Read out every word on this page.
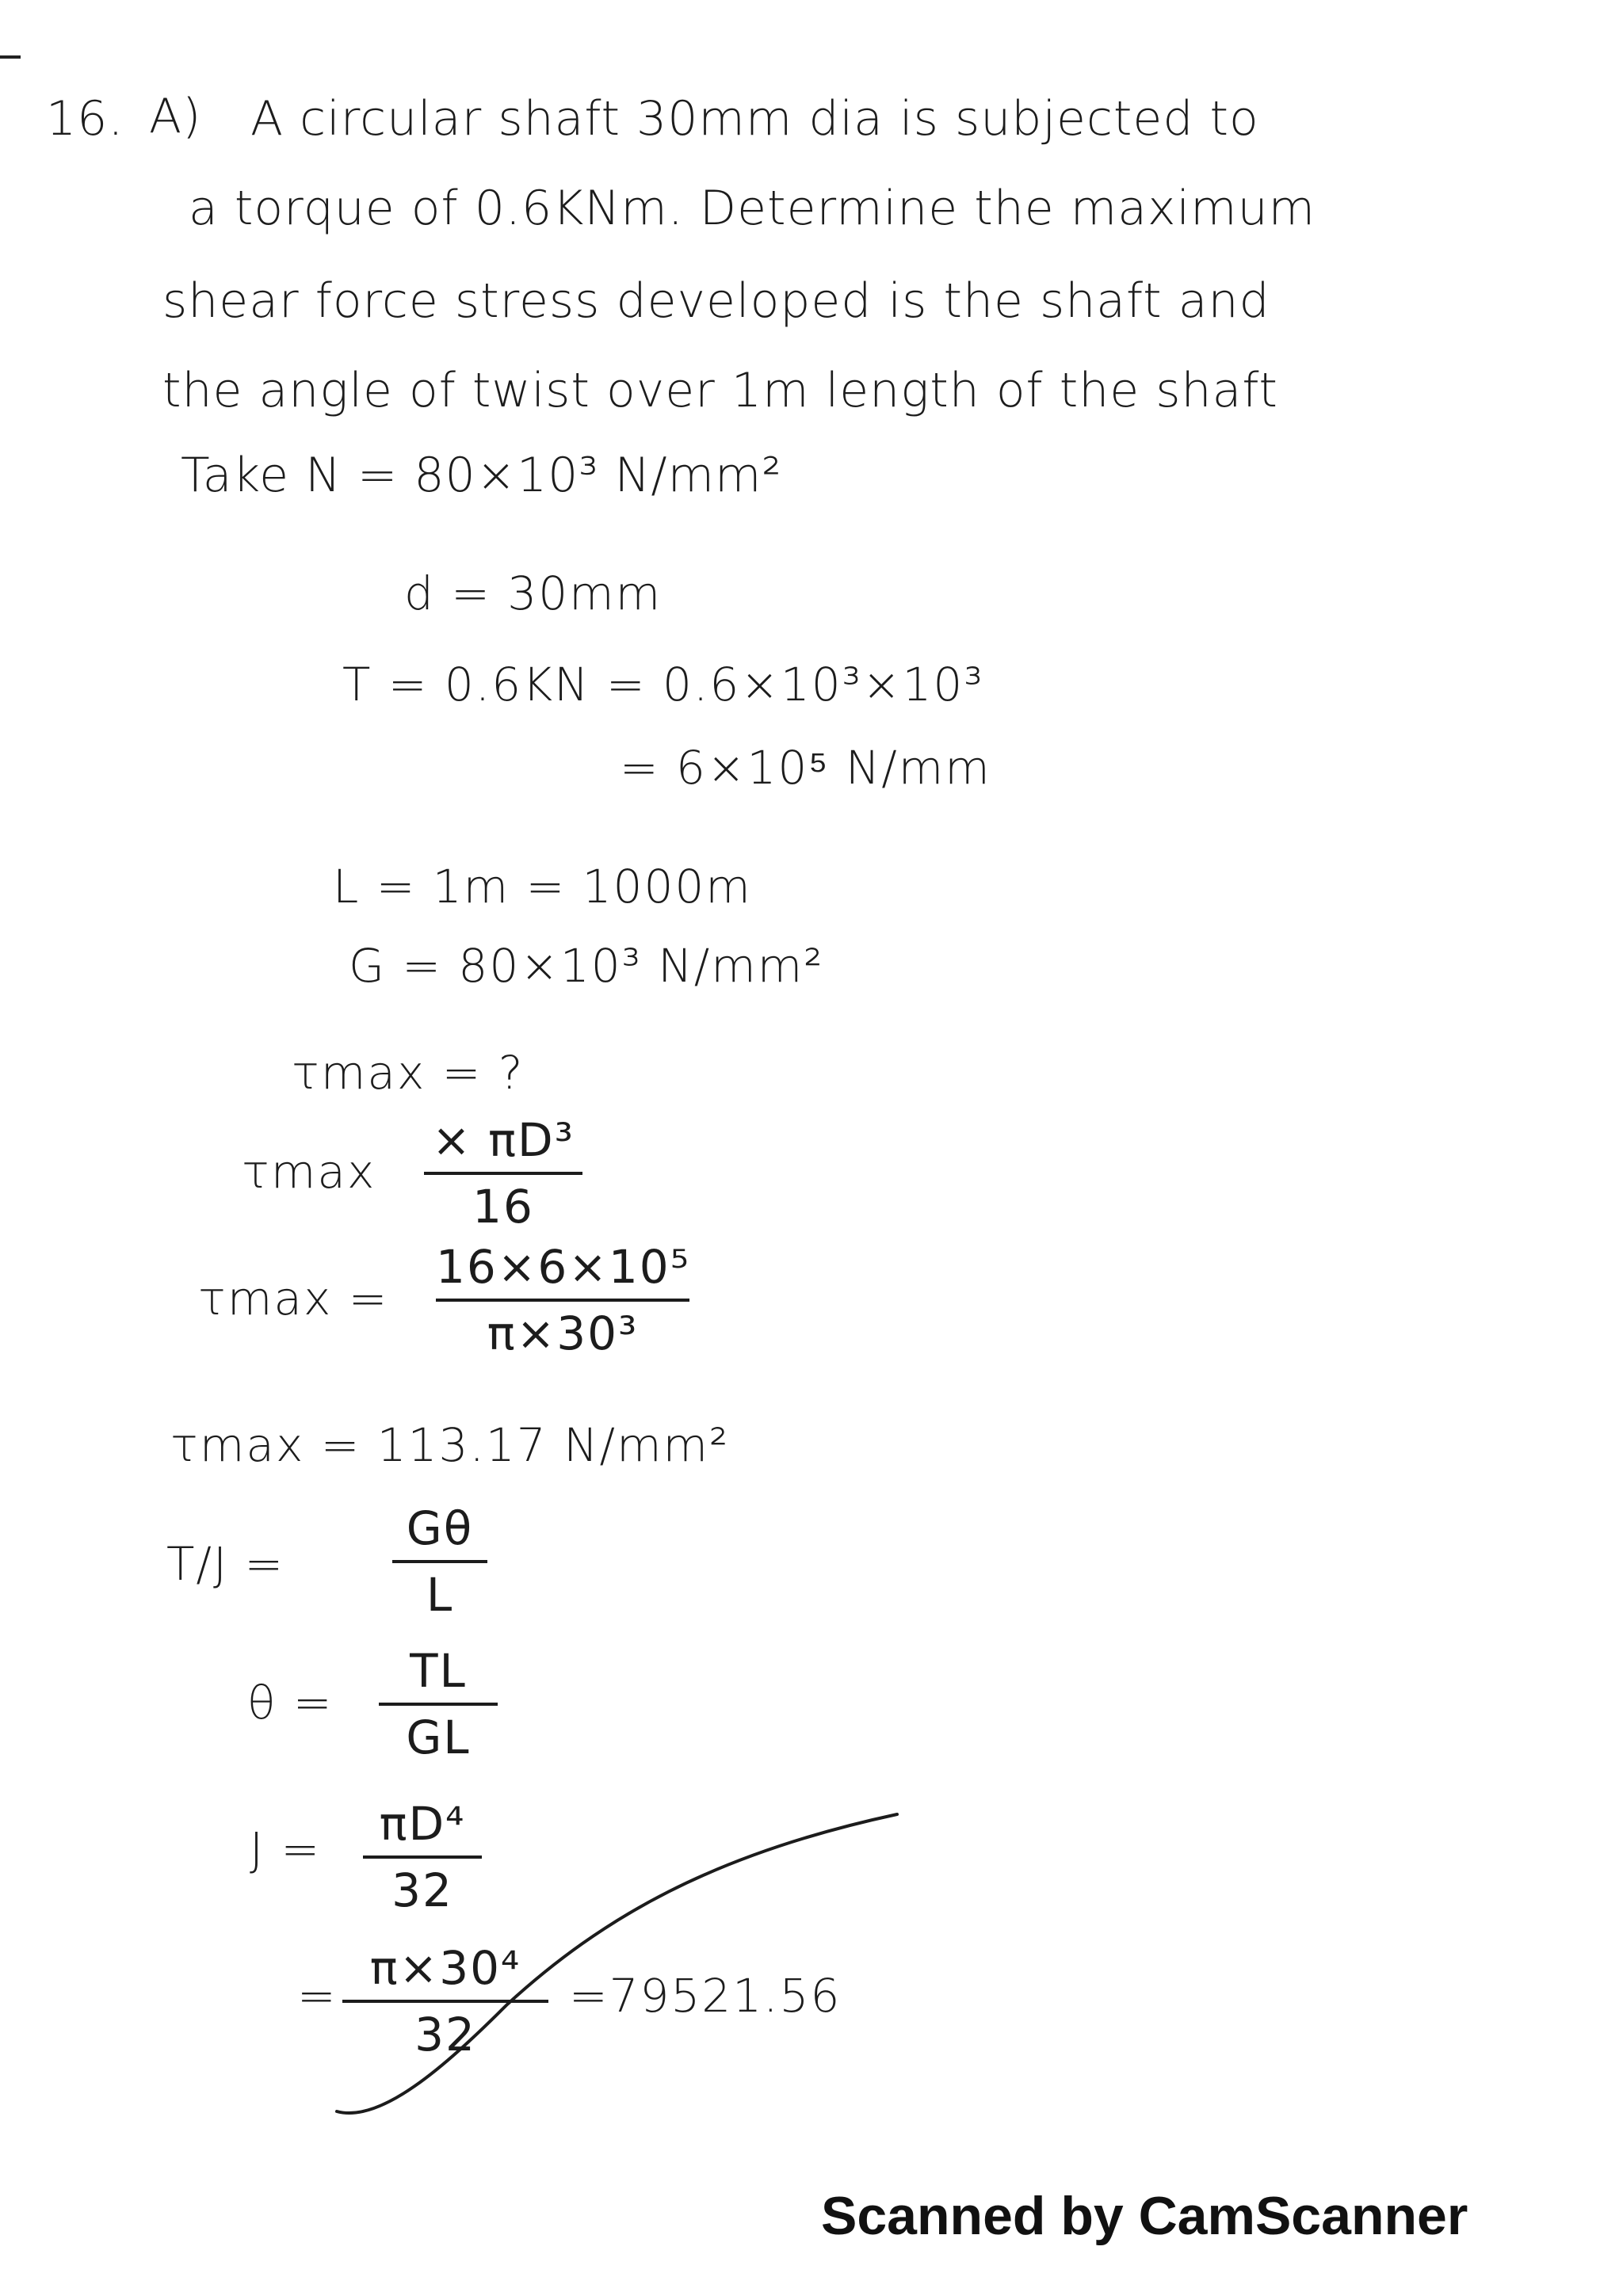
16. A) A circular shaft 30mm dia is subjected to
a torque of 0.6KNm. Determine the maximum
shear force stress developed is the shaft and
the angle of twist over 1m length of the shaft
Take N = 80×10³ N/mm²
d = 30mm
T = 0.6KN = 0.6×10³×10³
= 6×10⁵ N/mm
L = 1m = 1000m
G = 80×10³ N/mm²
τmax = ?
τmax
× πD³
16
τmax =
16×6×10⁵
π×30³
τmax = 113.17 N/mm²
T/J =
Gθ
L
θ =
TL
GL
J =	πD⁴
32
=
π×30⁴
32
=79521.56
Scanned by CamScanner
